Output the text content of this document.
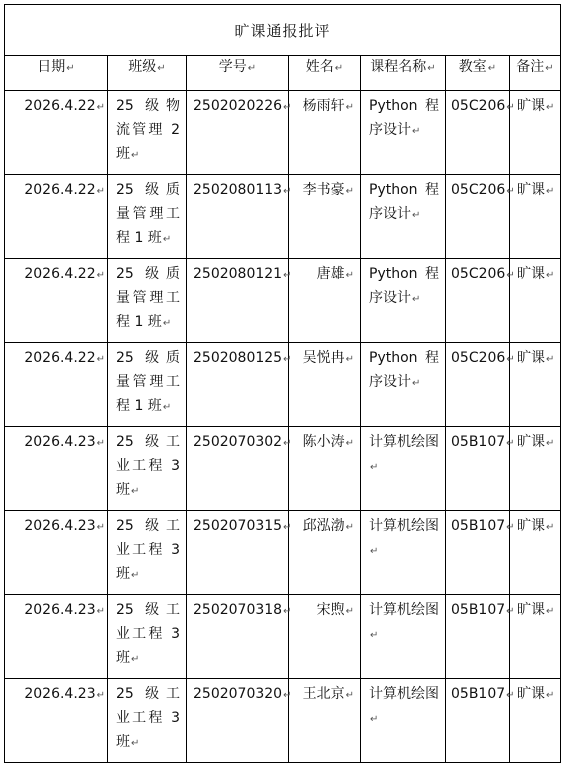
旷课通报批评						
日期↵	班级↵	学号↵	姓名↵	课程名称↵	教室↵	备注↵

2026.4.22↵	25 级物流管理 2 班↵	2502020226↵	杨雨轩↵	Python 程序设计↵	05C206↵	旷课↵

2026.4.22↵	25 级质量管理工程 1 班↵	2502080113↵	李书豪↵	Python 程序设计↵	05C206↵	旷课↵

2026.4.22↵	25 级质量管理工程 1 班↵	2502080121↵	唐雄↵	Python 程序设计↵	05C206↵	旷课↵

2026.4.22↵	25 级质量管理工程 1 班↵	2502080125↵	吴悦冉↵	Python 程序设计↵	05C206↵	旷课↵

2026.4.23↵	25 级工业工程 3 班↵	2502070302↵	陈小涛↵	计算机绘图↵	05B107↵	旷课↵

2026.4.23↵	25 级工业工程 3 班↵	2502070315↵	邱泓渤↵	计算机绘图↵	05B107↵	旷课↵

2026.4.23↵	25 级工业工程 3 班↵	2502070318↵	宋煦↵	计算机绘图↵	05B107↵	旷课↵

2026.4.23↵	25 级工业工程 3 班↵	2502070320↵	王北京↵	计算机绘图↵	05B107↵	旷课↵
